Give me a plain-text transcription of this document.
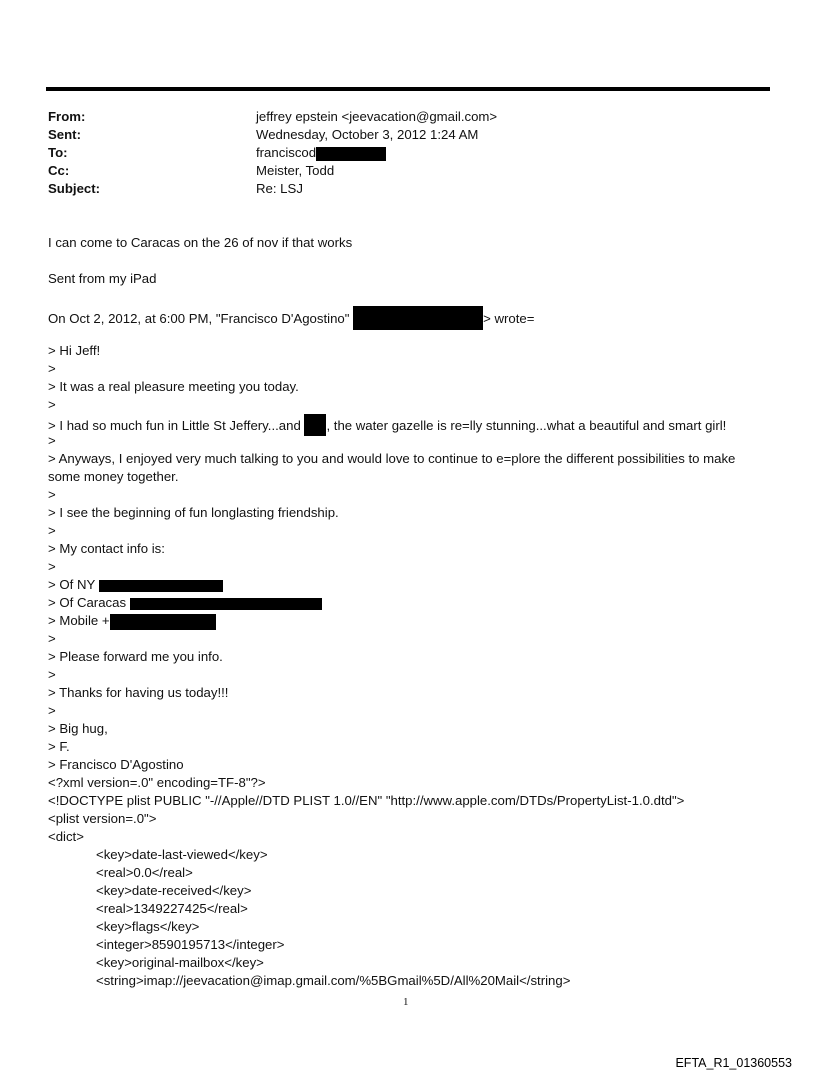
From:	jeffrey epstein <jeevacation@gmail.com>
Sent:	Wednesday, October 3, 2012 1:24 AM
To:	franciscod
Cc:	Meister, Todd
Subject:	Re: LSJ
I can come to Caracas on the 26 of nov if that works
Sent from my iPad
On Oct 2, 2012, at 6:00 PM, "Francisco D'Agostino"	> wrote=
> Hi Jeff!
>
> It was a real pleasure meeting you today.
>
> I had so much fun in Little St Jeffery...and , the water gazelle is re=lly stunning...what a beautiful and smart girl!
>
> Anyways, I enjoyed very much talking to you and would love to continue to e=plore the different possibilities to make some money together.
>
> I see the beginning of fun longlasting friendship.
>
> My contact info is:
>
> Of NY
> Of Caracas
> Mobile +
>
> Please forward me you info.
>
> Thanks for having us today!!!
>
> Big hug,
> F.
> Francisco D'Agostino
<?xml version=.0" encoding=TF-8"?>
<!DOCTYPE plist PUBLIC "-//Apple//DTD PLIST 1.0//EN" "http://www.apple.com/DTDs/PropertyList-1.0.dtd">
<plist version=.0">
<dict>
<key>date-last-viewed</key>
<real>0.0</real>
<key>date-received</key>
<real>1349227425</real>
<key>flags</key>
<integer>8590195713</integer>
<key>original-mailbox</key>
<string>imap://jeevacation@imap.gmail.com/%5BGmail%5D/All%20Mail</string>
1
EFTA_R1_01360553
